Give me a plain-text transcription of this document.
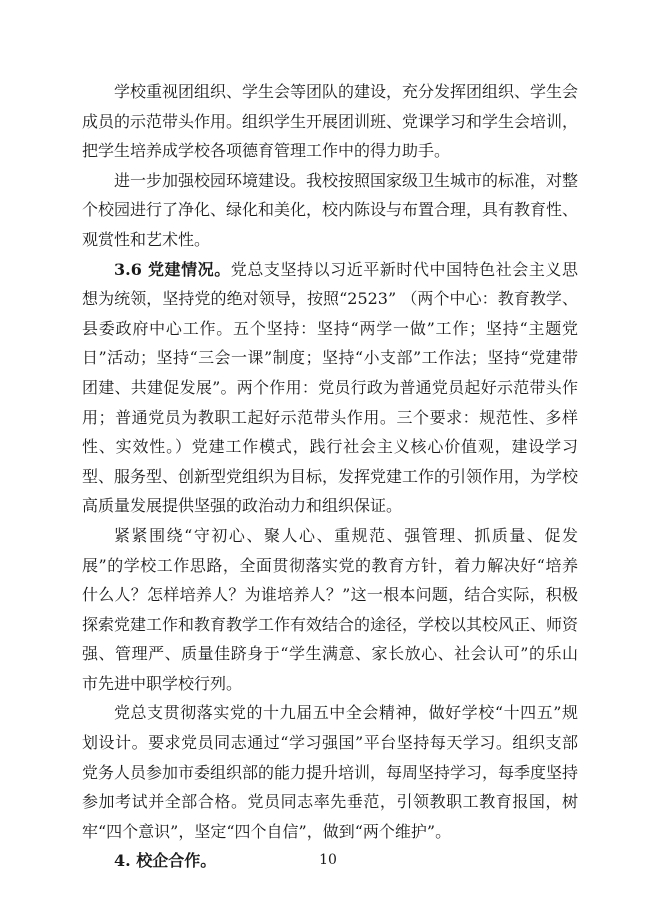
学校重视团组织、学生会等团队的建设，充分发挥团组织、学生会成员的示范带头作用。组织学生开展团训班、党课学习和学生会培训，把学生培养成学校各项德育管理工作中的得力助手。

进一步加强校园环境建设。我校按照国家级卫生城市的标准，对整个校园进行了净化、绿化和美化，校内陈设与布置合理，具有教育性、观赏性和艺术性。

3.6 党建情况。党总支坚持以习近平新时代中国特色社会主义思想为统领，坚持党的绝对领导，按照“2523” （两个中心：教育教学、县委政府中心工作。五个坚持：坚持“两学一做”工作；坚持“主题党日”活动；坚持“三会一课”制度；坚持“小支部”工作法；坚持“党建带团建、共建促发展”。两个作用：党员行政为普通党员起好示范带头作用；普通党员为教职工起好示范带头作用。三个要求：规范性、多样性、实效性。）党建工作模式，践行社会主义核心价值观，建设学习型、服务型、创新型党组织为目标，发挥党建工作的引领作用，为学校高质量发展提供坚强的政治动力和组织保证。

紧紧围绕“守初心、聚人心、重规范、强管理、抓质量、促发展”的学校工作思路，全面贯彻落实党的教育方针，着力解决好“培养什么人？怎样培养人？为谁培养人？”这一根本问题，结合实际，积极探索党建工作和教育教学工作有效结合的途径，学校以其校风正、师资强、管理严、质量佳跻身于“学生满意、家长放心、社会认可”的乐山市先进中职学校行列。

党总支贯彻落实党的十九届五中全会精神，做好学校“十四五”规划设计。要求党员同志通过“学习强国”平台坚持每天学习。组织支部党务人员参加市委组织部的能力提升培训，每周坚持学习，每季度坚持参加考试并全部合格。党员同志率先垂范，引领教职工教育报国，树牢“四个意识”，坚定“四个自信”，做到“两个维护”。

4. 校企合作。	10
